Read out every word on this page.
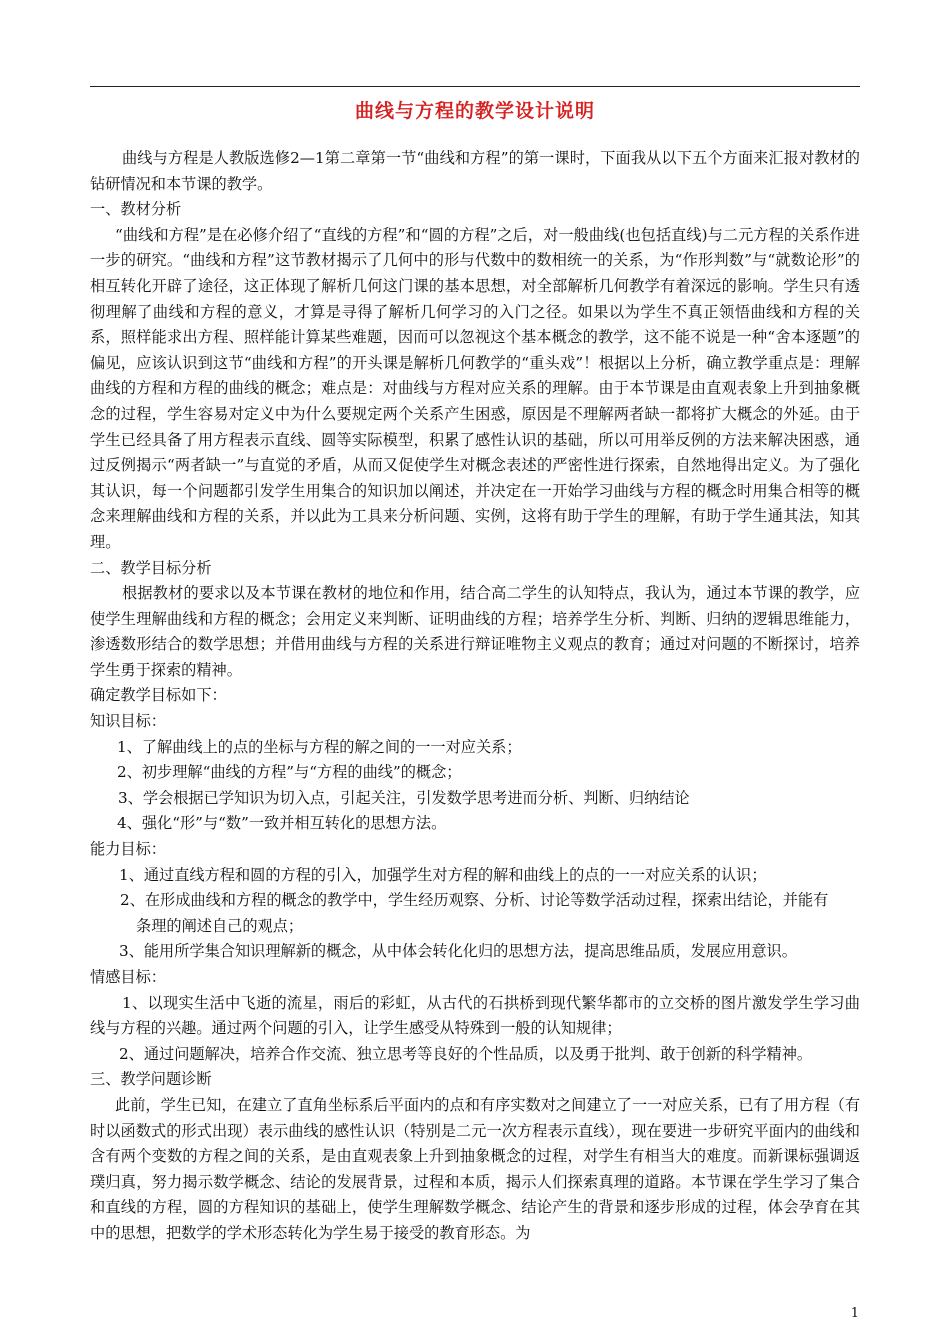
曲线与方程的教学设计说明

曲线与方程是人教版选修2—1第二章第一节“曲线和方程”的第一课时，下面我从以下五个方面来汇报对教材的钻研情况和本节课的教学。

一、教材分析

“曲线和方程”是在必修介绍了“直线的方程”和“圆的方程”之后，对一般曲线(也包括直线)与二元方程的关系作进一步的研究。“曲线和方程”这节教材揭示了几何中的形与代数中的数相统一的关系，为“作形判数”与“就数论形”的相互转化开辟了途径，这正体现了解析几何这门课的基本思想，对全部解析几何教学有着深远的影响。学生只有透彻理解了曲线和方程的意义，才算是寻得了解析几何学习的入门之径。如果以为学生不真正领悟曲线和方程的关系，照样能求出方程、照样能计算某些难题，因而可以忽视这个基本概念的教学，这不能不说是一种“舍本逐题”的偏见，应该认识到这节“曲线和方程”的开头课是解析几何教学的“重头戏”！根据以上分析，确立教学重点是：理解曲线的方程和方程的曲线的概念；难点是：对曲线与方程对应关系的理解。由于本节课是由直观表象上升到抽象概念的过程，学生容易对定义中为什么要规定两个关系产生困惑，原因是不理解两者缺一都将扩大概念的外延。由于学生已经具备了用方程表示直线、圆等实际模型，积累了感性认识的基础，所以可用举反例的方法来解决困惑，通过反例揭示“两者缺一”与直觉的矛盾，从而又促使学生对概念表述的严密性进行探索，自然地得出定义。为了强化其认识，每一个问题都引发学生用集合的知识加以阐述，并决定在一开始学习曲线与方程的概念时用集合相等的概念来理解曲线和方程的关系，并以此为工具来分析问题、实例，这将有助于学生的理解，有助于学生通其法，知其理。

二、教学目标分析

根据教材的要求以及本节课在教材的地位和作用，结合高二学生的认知特点，我认为，通过本节课的教学，应使学生理解曲线和方程的概念；会用定义来判断、证明曲线的方程；培养学生分析、判断、归纳的逻辑思维能力，渗透数形结合的数学思想；并借用曲线与方程的关系进行辩证唯物主义观点的教育；通过对问题的不断探讨，培养学生勇于探索的精神。

确定教学目标如下：

知识目标：

1、了解曲线上的点的坐标与方程的解之间的一一对应关系；

2、初步理解“曲线的方程”与“方程的曲线”的概念；

3、学会根据已学知识为切入点，引起关注，引发数学思考进而分析、判断、归纳结论

4、强化“形”与“数”一致并相互转化的思想方法。

能力目标：

1、通过直线方程和圆的方程的引入，加强学生对方程的解和曲线上的点的一一对应关系的认识；

2、在形成曲线和方程的概念的教学中，学生经历观察、分析、讨论等数学活动过程，探索出结论，并能有
条理的阐述自己的观点；

3、能用所学集合知识理解新的概念，从中体会转化化归的思想方法，提高思维品质，发展应用意识。

情感目标：

1、以现实生活中飞逝的流星，雨后的彩虹，从古代的石拱桥到现代繁华都市的立交桥的图片激发学生学习曲线与方程的兴趣。通过两个问题的引入，让学生感受从特殊到一般的认知规律；

2、通过问题解决，培养合作交流、独立思考等良好的个性品质，以及勇于批判、敢于创新的科学精神。

三、教学问题诊断

此前，学生已知，在建立了直角坐标系后平面内的点和有序实数对之间建立了一一对应关系，已有了用方程（有时以函数式的形式出现）表示曲线的感性认识（特别是二元一次方程表示直线），现在要进一步研究平面内的曲线和含有两个变数的方程之间的关系，是由直观表象上升到抽象概念的过程，对学生有相当大的难度。而新课标强调返璞归真，努力揭示数学概念、结论的发展背景，过程和本质，揭示人们探索真理的道路。本节课在学生学习了集合和直线的方程，圆的方程知识的基础上，使学生理解数学概念、结论产生的背景和逐步形成的过程，体会孕育在其中的思想，把数学的学术形态转化为学生易于接受的教育形态。为

1
